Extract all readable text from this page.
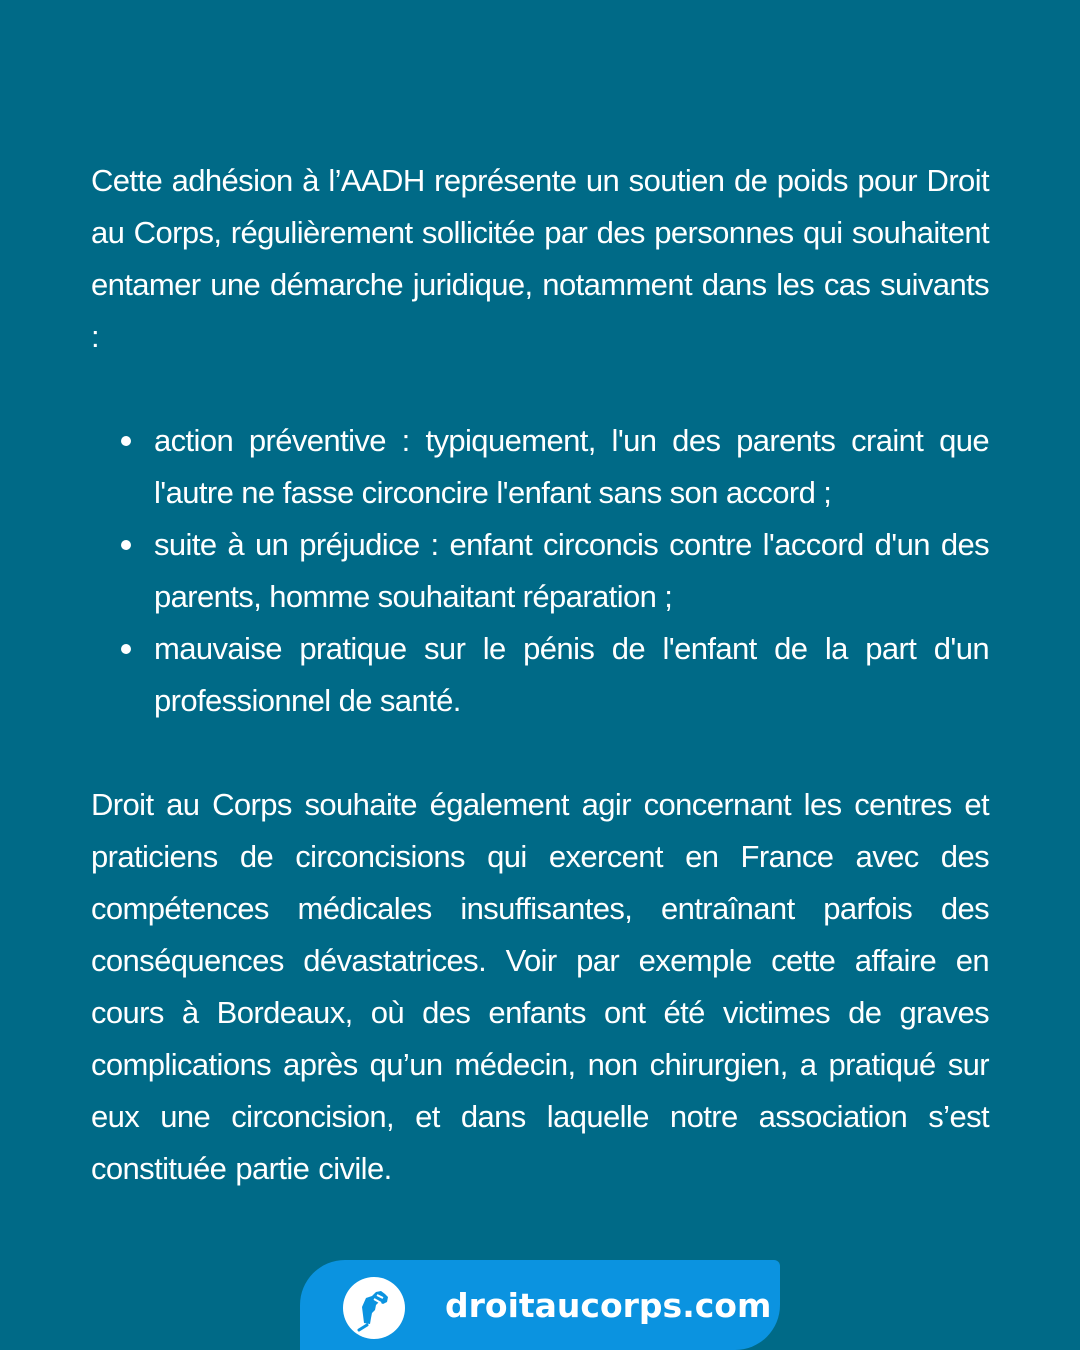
Cette adhésion à l’AADH représente un soutien de poids pour Droit au Corps, régulièrement sollicitée par des personnes qui souhaitent entamer une démarche juridique, notamment dans les cas suivants :

action préventive : typiquement, l'un des parents craint que l'autre ne fasse circoncire l'enfant sans son accord ;
suite à un préjudice : enfant circoncis contre l'accord d'un des parents, homme souhaitant réparation ;
mauvaise pratique sur le pénis de l'enfant de la part d'un professionnel de santé.

Droit au Corps souhaite également agir concernant les centres et praticiens de circoncisions qui exercent en France avec des compétences médicales insuffisantes, entraînant parfois des conséquences dévastatrices. Voir par exemple cette affaire en cours à Bordeaux, où des enfants ont été victimes de graves complications après qu’un médecin, non chirurgien, a pratiqué sur eux une circoncision, et dans laquelle notre association s’est constituée partie civile.

droitaucorps.com
